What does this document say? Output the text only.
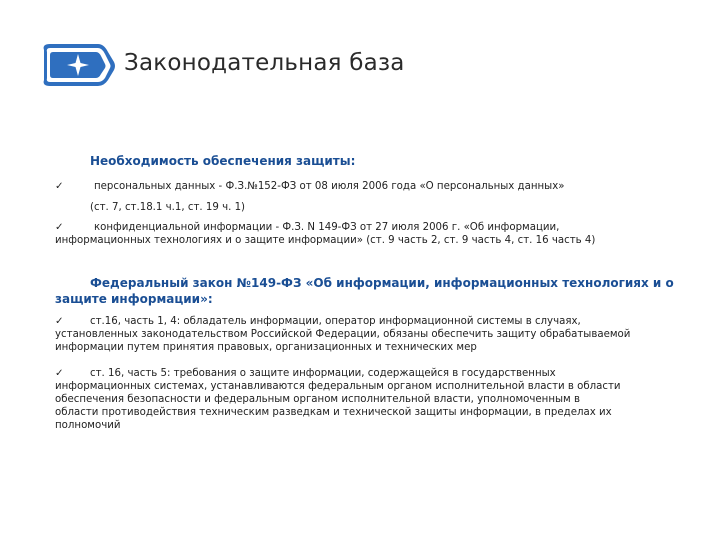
Законодательная база
Необходимость обеспечения защиты:
✓	персональных данных - Ф.З.№152-ФЗ от 08 июля 2006 года «О персональных данных»
(ст. 7, ст.18.1 ч.1, ст. 19 ч. 1)
✓	конфиденциальной информации - Ф.З. N 149-ФЗ от 27 июля 2006 г. «Об информации,
информационных технологиях и о защите информации» (ст. 9 часть 2, ст. 9 часть 4, ст. 16 часть 4)
Федеральный закон №149-ФЗ «Об информации, информационных технологиях и о
защите информации»:
✓	ст.16, часть 1, 4: обладатель информации, оператор информационной системы в случаях,
установленных законодательством Российской Федерации, обязаны обеспечить защиту обрабатываемой
информации путем принятия правовых, организационных и технических мер
✓	ст. 16, часть 5: требования о защите информации, содержащейся в государственных
информационных системах, устанавливаются федеральным органом исполнительной власти в области
обеспечения безопасности и федеральным органом исполнительной власти, уполномоченным в
области противодействия техническим разведкам и технической защиты информации, в пределах их
полномочий
